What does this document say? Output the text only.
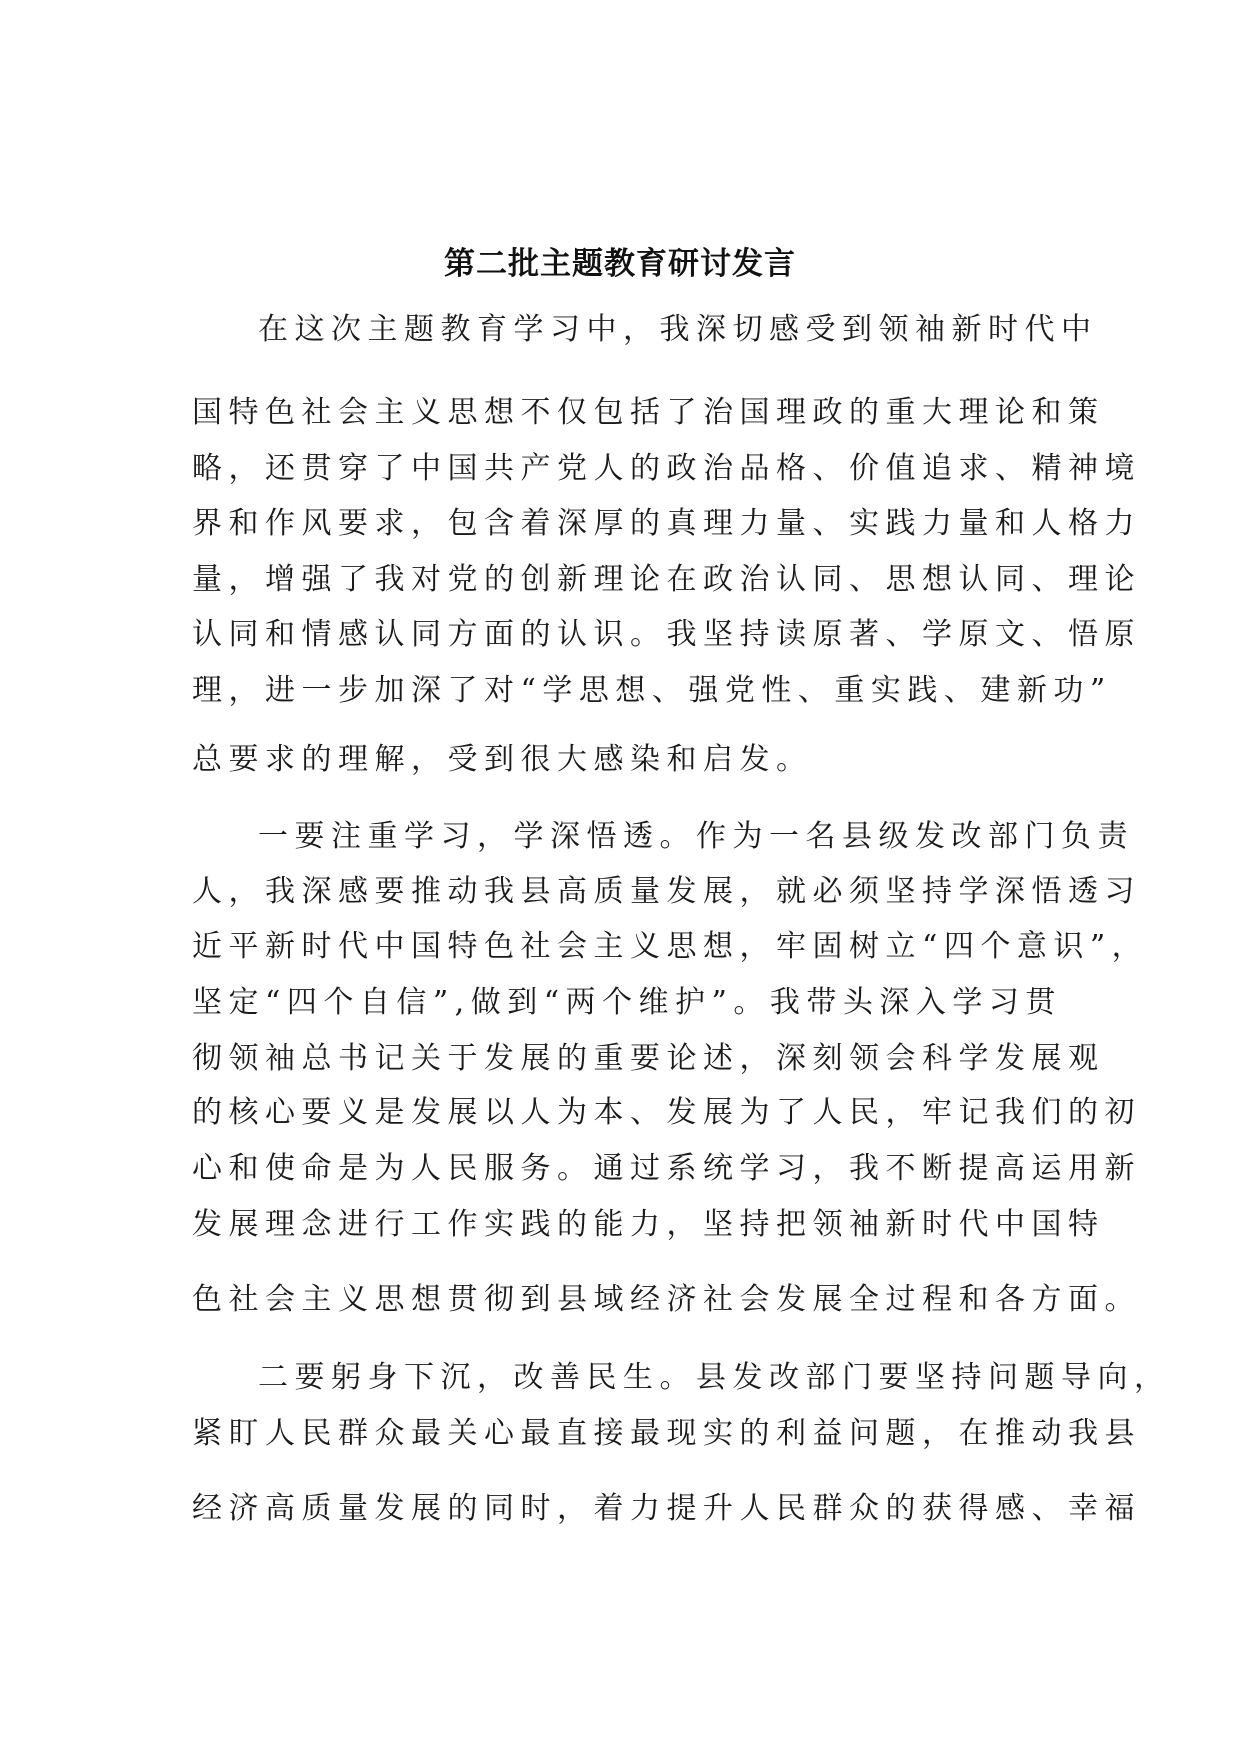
第二批主题教育研讨发言
在这次主题教育学习中，我深切感受到领袖新时代中
国特色社会主义思想不仅包括了治国理政的重大理论和策
略，还贯穿了中国共产党人的政治品格、价值追求、精神境
界和作风要求，包含着深厚的真理力量、实践力量和人格力
量，增强了我对党的创新理论在政治认同、思想认同、理论
认同和情感认同方面的认识。我坚持读原著、学原文、悟原
理，进一步加深了对“学思想、强党性、重实践、建新功”
总要求的理解，受到很大感染和启发。
一要注重学习，学深悟透。作为一名县级发改部门负责
人，我深感要推动我县高质量发展，就必须坚持学深悟透习
近平新时代中国特色社会主义思想，牢固树立“四个意识”，
坚定“四个自信”,做到“两个维护”。我带头深入学习贯
彻领袖总书记关于发展的重要论述，深刻领会科学发展观
的核心要义是发展以人为本、发展为了人民，牢记我们的初
心和使命是为人民服务。通过系统学习，我不断提高运用新
发展理念进行工作实践的能力，坚持把领袖新时代中国特
色社会主义思想贯彻到县域经济社会发展全过程和各方面。
二要躬身下沉，改善民生。县发改部门要坚持问题导向，
紧盯人民群众最关心最直接最现实的利益问题，在推动我县
经济高质量发展的同时，着力提升人民群众的获得感、幸福
